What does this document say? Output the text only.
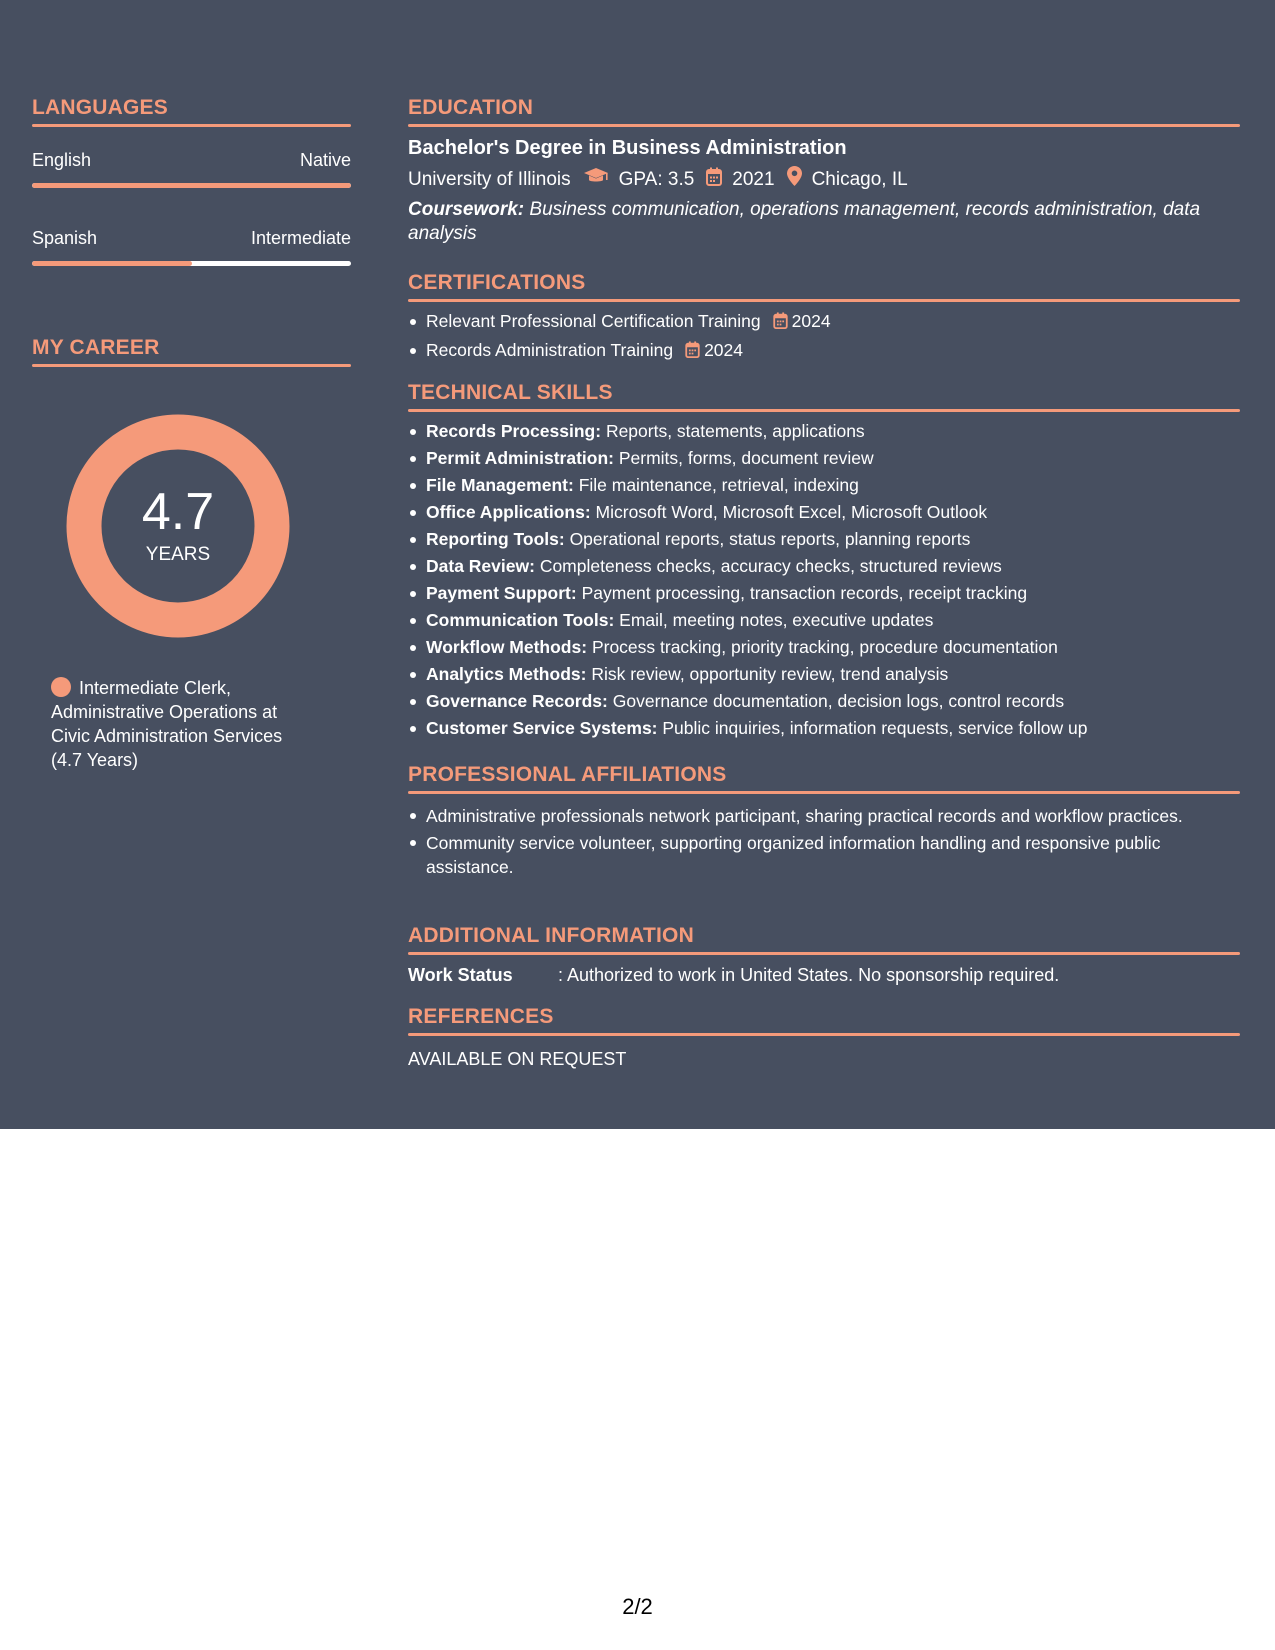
LANGUAGES
English	Native
Spanish	Intermediate
MY CAREER
4.7
YEARS
Intermediate Clerk, Administrative Operations at Civic Administration Services (4.7 Years)
EDUCATION
Bachelor's Degree in Business Administration
University of Illinois	GPA: 3.5 2021 Chicago, IL
Coursework: Business communication, operations management, records administration, data analysis
CERTIFICATIONS
Relevant Professional Certification Training 2024
Records Administration Training 2024
TECHNICAL SKILLS
Records Processing: Reports, statements, applications
Permit Administration: Permits, forms, document review
File Management: File maintenance, retrieval, indexing
Office Applications: Microsoft Word, Microsoft Excel, Microsoft Outlook
Reporting Tools: Operational reports, status reports, planning reports
Data Review: Completeness checks, accuracy checks, structured reviews
Payment Support: Payment processing, transaction records, receipt tracking
Communication Tools: Email, meeting notes, executive updates
Workflow Methods: Process tracking, priority tracking, procedure documentation
Analytics Methods: Risk review, opportunity review, trend analysis
Governance Records: Governance documentation, decision logs, control records
Customer Service Systems: Public inquiries, information requests, service follow up
PROFESSIONAL AFFILIATIONS
Administrative professionals network participant, sharing practical records and workflow practices.
Community service volunteer, supporting organized information handling and responsive public assistance.
ADDITIONAL INFORMATION
Work Status	: Authorized to work in United States. No sponsorship required.
REFERENCES
AVAILABLE ON REQUEST
2/2
